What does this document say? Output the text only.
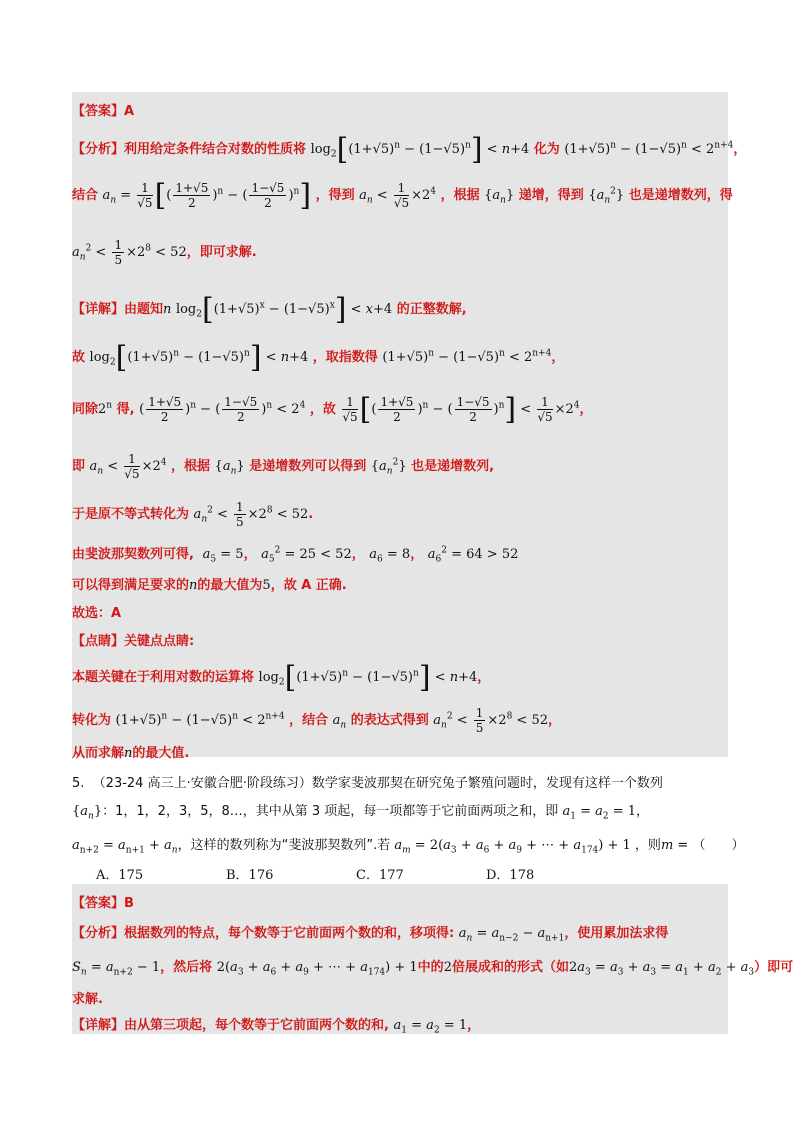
【答案】A
【分析】利用给定条件结合对数的性质将 $\log_2[(1+√5)^n - (1-√5)^n] < n+4$ 化为 $(1+√5)^n - (1-√5)^n < 2^{n+4}$，
结合 $a_n = \frac{1}{√5}$ [( $\frac{1+√5}{2} )^n$ − ( $\frac{1-√5}{2} )^n$] ，得到 $a_n < \frac{1}{√5} \times 2^4$ ，根据 $\{a_n\}$ 递增，得到 $\{a_n^2\}$ 也是递增数列，得
$a_n^2 < \frac{1}{5} \times 2^8 < 52$，即可求解.
【详解】由题知n $\log_2[(1+√5)^x - (1-√5)^x] < x+4$ 的正整数解,
故 $\log_2[(1+√5)^n - (1-√5)^n] < n+4$ ，取指数得 $(1+√5)^n - (1-√5)^n < 2^{n+4}$，
同除2$^n$ 得, ( $\frac{1+√5}{2} )^n$ − ( $\frac{1-√5}{2} )^n < 2^4$ ，故 $\frac{1}{√5}$ [( $\frac{1+√5}{2} )^n$ − ( $\frac{1-√5}{2} )^n] < \frac{1}{√5} \times 2^4$，
即 $a_n < \frac{1}{√5} \times 2^4$ ，根据 $\{a_n\}$ 是递增数列可以得到 $\{a_n^2\}$ 也是递增数列,
于是原不等式转化为 $a_n^2 < \frac{1}{5} \times 2^8 < 52$.
由斐波那契数列可得, $a_5 = 5$， $a_5^2 = 25 < 52$， $a_6 = 8$， $a_6^2 = 64 > 52$
可以得到满足要求的n的最大值为5，故 A 正确.
故选：A
【点睛】关键点点睛:
本题关键在于利用对数的运算将 $\log_2[(1+√5)^n - (1-√5)^n] < n+4$，
转化为 $(1+√5)^n - (1-√5)^n < 2^{n+4}$ ，结合 $a_n$ 的表达式得到 $a_n^2 < \frac{1}{5} \times 2^8 < 52$，
从而求解n的最大值.
5. （23-24 高三上·安徽合肥·阶段练习）数学家斐波那契在研究兔子繁殖问题时，发现有这样一个数列
$\{a_n\}$：1，1，2，3，5，8…，其中从第 3 项起，每一项都等于它前面两项之和，即 $a_1 = a_2 = 1$，
$a_{n+2} = a_{n+1} + a_n$，这样的数列称为“斐波那契数列”.若 $a_m = 2(a_3 + a_6 + a_9$ + ⋯ + $a_{174}) + 1$ ，则m = （　　）
A．175	B．176	C．177	D．178
【答案】B
【分析】根据数列的特点，每个数等于它前面两个数的和，移项得: $a_n = a_{n-2} - a_{n+1}$，使用累加法求得
$S_n = a_{n+2} - 1$，然后将 $2(a_3 + a_6 + a_9$ + ⋯ + $a_{174}) + 1$中的2倍展成和的形式（如$2a_3 = a_3 + a_3 = a_1 + a_2 + a_3$）即可
求解.
【详解】由从第三项起，每个数等于它前面两个数的和, $a_1 = a_2 = 1$，
